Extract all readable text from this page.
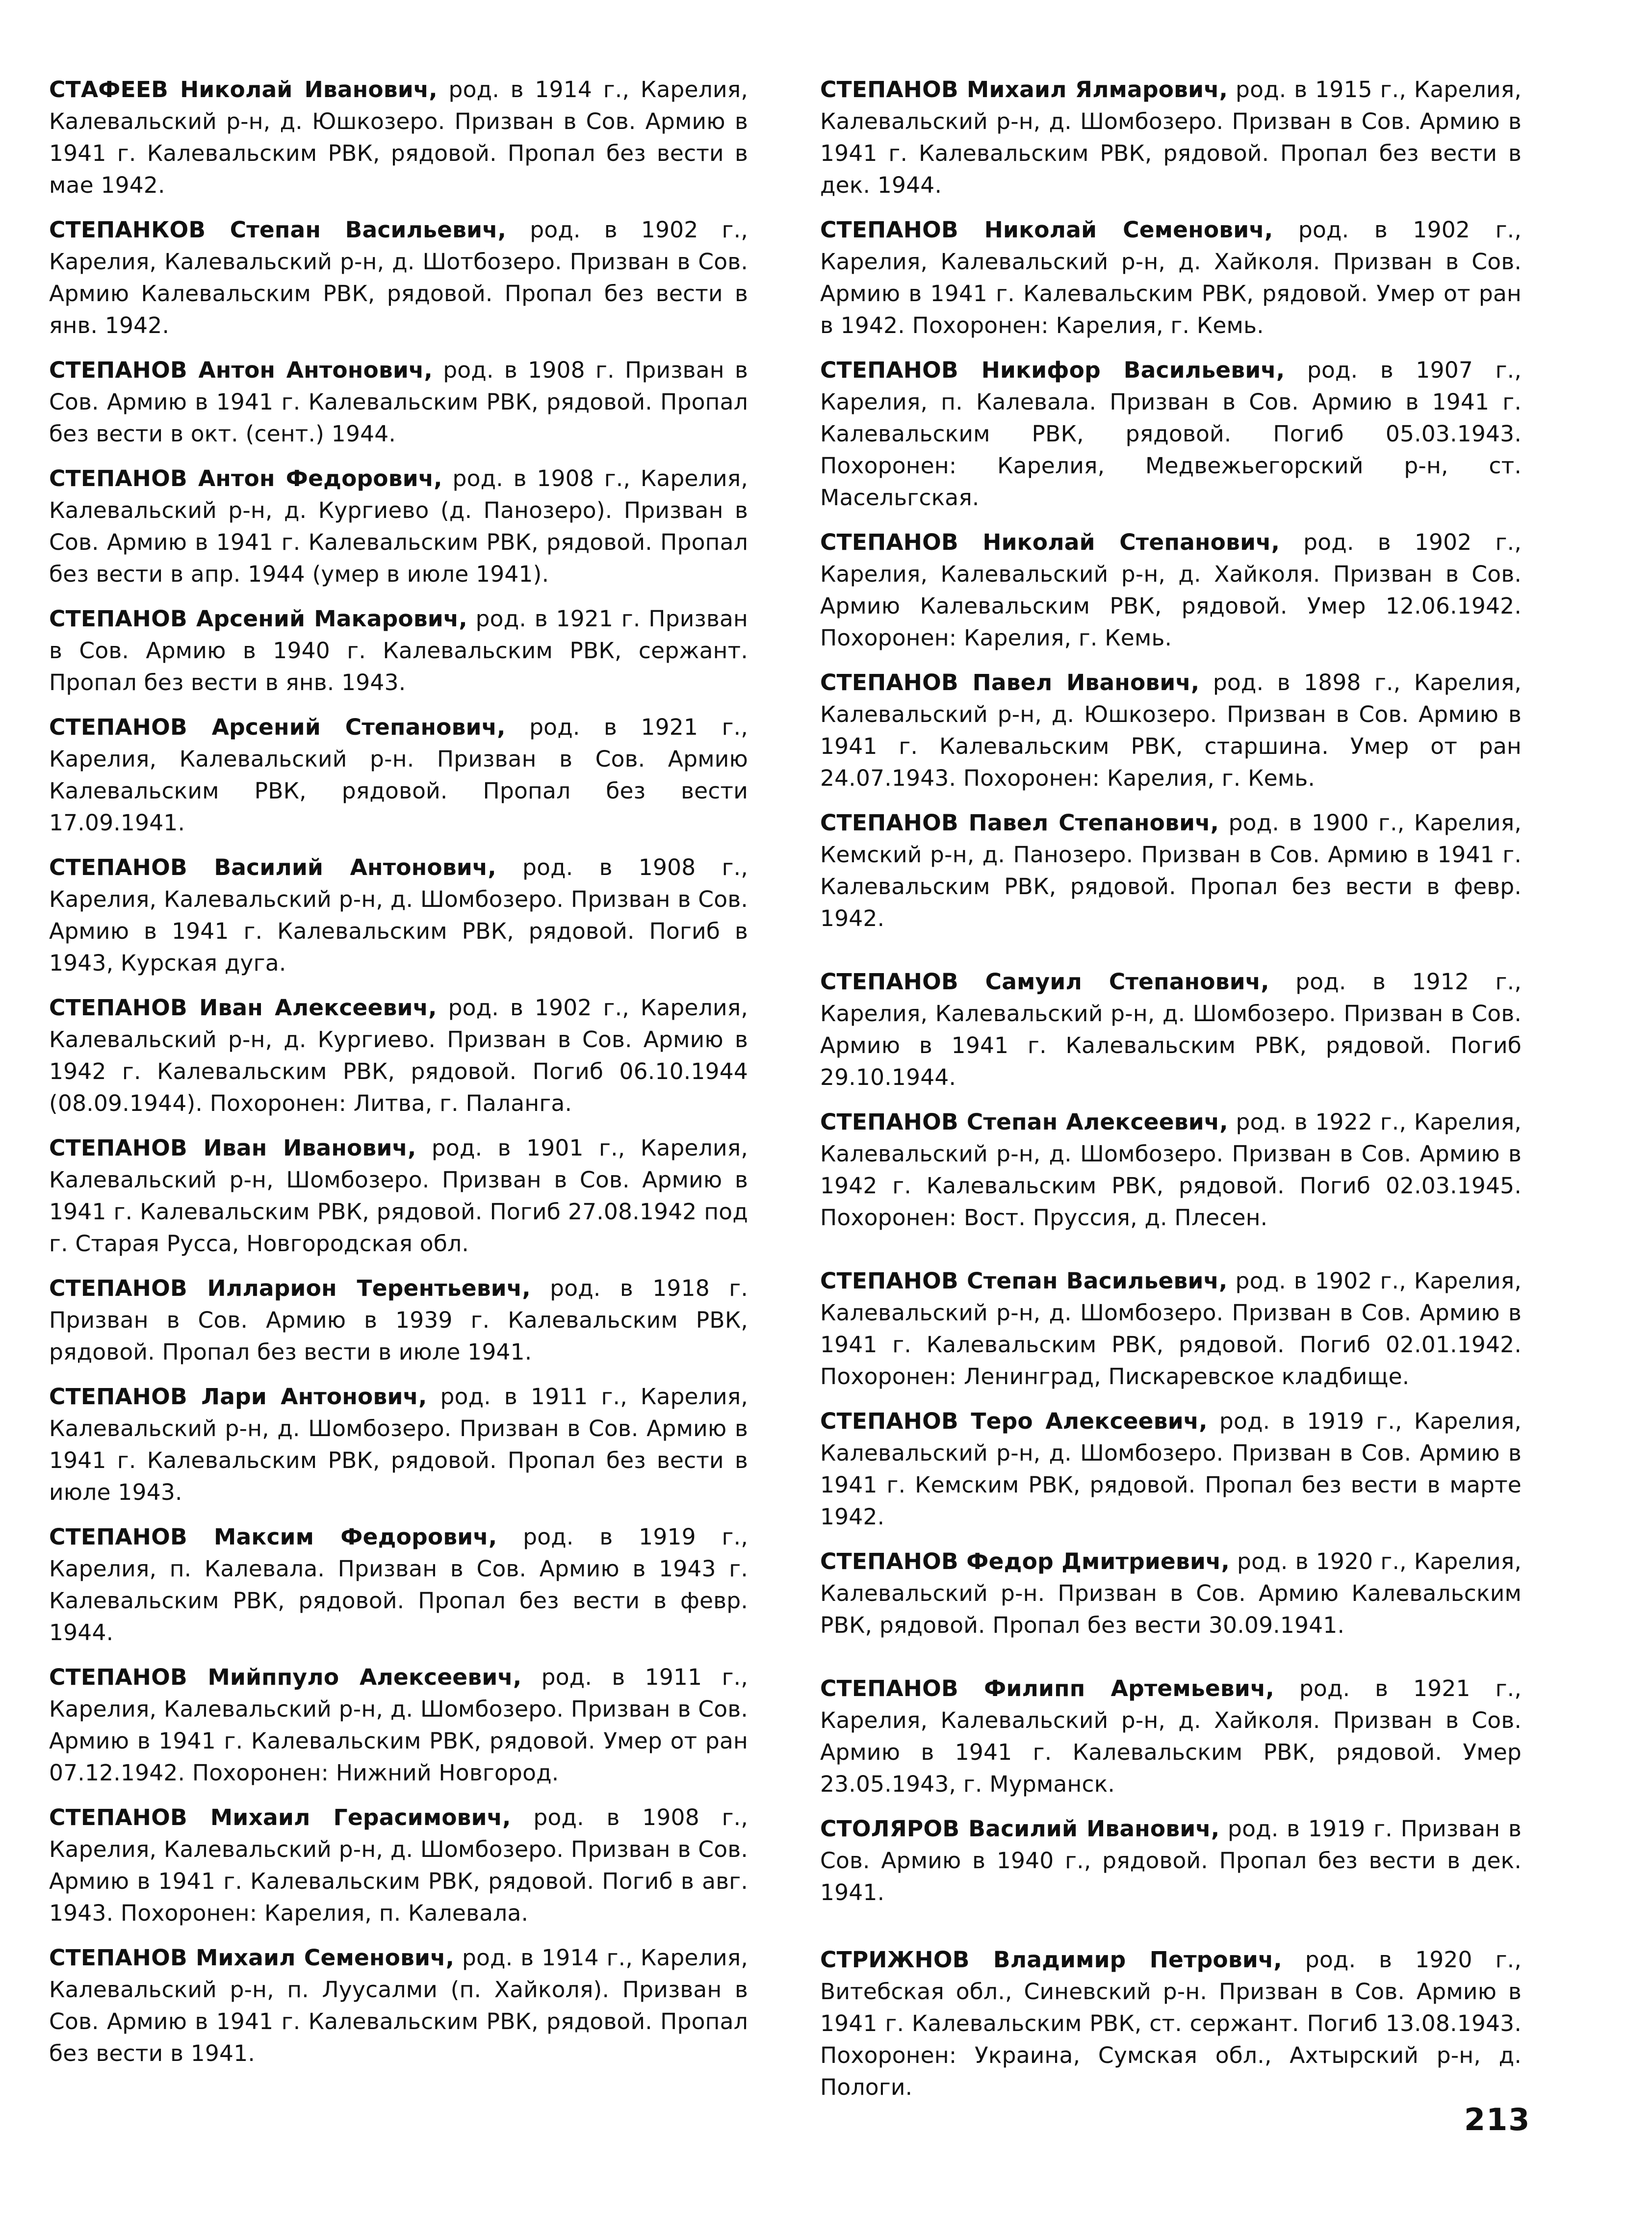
СТАФЕЕВ Николай Иванович, род. в 1914 г., Карелия, Калевальский р-н, д. Юшкозеро. Призван в Сов. Армию в 1941 г. Калевальским РВК, рядовой. Пропал без вести в мае 1942.

СТЕПАНКОВ Степан Васильевич, род. в 1902 г., Карелия, Калевальский р-н, д. Шотбозеро. Призван в Сов. Армию Калевальским РВК, рядовой. Пропал без вести в янв. 1942.

СТЕПАНОВ Антон Антонович, род. в 1908 г. Призван в Сов. Армию в 1941 г. Калевальским РВК, рядовой. Пропал без вести в окт. (сент.) 1944.

СТЕПАНОВ Антон Федорович, род. в 1908 г., Карелия, Калевальский р-н, д. Кургиево (д. Панозеро). Призван в Сов. Армию в 1941 г. Калевальским РВК, рядовой. Пропал без вести в апр. 1944 (умер в июле 1941).

СТЕПАНОВ Арсений Макарович, род. в 1921 г. Призван в Сов. Армию в 1940 г. Калевальским РВК, сержант. Пропал без вести в янв. 1943.

СТЕПАНОВ Арсений Степанович, род. в 1921 г., Карелия, Калевальский р-н. Призван в Сов. Армию Калевальским РВК, рядовой. Пропал без вести 17.09.1941.

СТЕПАНОВ Василий Антонович, род. в 1908 г., Карелия, Калевальский р-н, д. Шомбозеро. Призван в Сов. Армию в 1941 г. Калевальским РВК, рядовой. Погиб в 1943, Курская дуга.

СТЕПАНОВ Иван Алексеевич, род. в 1902 г., Карелия, Калевальский р-н, д. Кургиево. Призван в Сов. Армию в 1942 г. Калевальским РВК, рядовой. Погиб 06.10.1944 (08.09.1944). Похоронен: Литва, г. Паланга.

СТЕПАНОВ Иван Иванович, род. в 1901 г., Карелия, Калевальский р-н, Шомбозеро. Призван в Сов. Армию в 1941 г. Калевальским РВК, рядовой. Погиб 27.08.1942 под г. Старая Русса, Новгородская обл.

СТЕПАНОВ Илларион Терентьевич, род. в 1918 г. Призван в Сов. Армию в 1939 г. Калевальским РВК, рядовой. Пропал без вести в июле 1941.

СТЕПАНОВ Лари Антонович, род. в 1911 г., Карелия, Калевальский р-н, д. Шомбозеро. Призван в Сов. Армию в 1941 г. Калевальским РВК, рядовой. Пропал без вести в июле 1943.

СТЕПАНОВ Максим Федорович, род. в 1919 г., Карелия, п. Калевала. Призван в Сов. Армию в 1943 г. Калевальским РВК, рядовой. Пропал без вести в февр. 1944.

СТЕПАНОВ Мийппуло Алексеевич, род. в 1911 г., Карелия, Калевальский р-н, д. Шомбозеро. Призван в Сов. Армию в 1941 г. Калевальским РВК, рядовой. Умер от ран 07.12.1942. Похоронен: Нижний Новгород.

СТЕПАНОВ Михаил Герасимович, род. в 1908 г., Карелия, Калевальский р-н, д. Шомбозеро. Призван в Сов. Армию в 1941 г. Калевальским РВК, рядовой. Погиб в авг. 1943. Похоронен: Карелия, п. Калевала.

СТЕПАНОВ Михаил Семенович, род. в 1914 г., Карелия, Калевальский р-н, п. Луусалми (п. Хайколя). Призван в Сов. Армию в 1941 г. Калевальским РВК, рядовой. Пропал без вести в 1941.

СТЕПАНОВ Михаил Ялмарович, род. в 1915 г., Карелия, Калевальский р-н, д. Шомбозеро. Призван в Сов. Армию в 1941 г. Калевальским РВК, рядовой. Пропал без вести в дек. 1944.

СТЕПАНОВ Николай Семенович, род. в 1902 г., Карелия, Калевальский р-н, д. Хайколя. Призван в Сов. Армию в 1941 г. Калевальским РВК, рядовой. Умер от ран в 1942. Похоронен: Карелия, г. Кемь.

СТЕПАНОВ Никифор Васильевич, род. в 1907 г., Карелия, п. Калевала. Призван в Сов. Армию в 1941 г. Калевальским РВК, рядовой. Погиб 05.03.1943. Похоронен: Карелия, Медвежьегорский р-н, ст. Масельгская.

СТЕПАНОВ Николай Степанович, род. в 1902 г., Карелия, Калевальский р-н, д. Хайколя. Призван в Сов. Армию Калевальским РВК, рядовой. Умер 12.06.1942. Похоронен: Карелия, г. Кемь.

СТЕПАНОВ Павел Иванович, род. в 1898 г., Карелия, Калевальский р-н, д. Юшкозеро. Призван в Сов. Армию в 1941 г. Калевальским РВК, старшина. Умер от ран 24.07.1943. Похоронен: Карелия, г. Кемь.

СТЕПАНОВ Павел Степанович, род. в 1900 г., Карелия, Кемский р-н, д. Панозеро. Призван в Сов. Армию в 1941 г. Калевальским РВК, рядовой. Пропал без вести в февр. 1942.

СТЕПАНОВ Самуил Степанович, род. в 1912 г., Карелия, Калевальский р-н, д. Шомбозеро. Призван в Сов. Армию в 1941 г. Калевальским РВК, рядовой. Погиб 29.10.1944.

СТЕПАНОВ Степан Алексеевич, род. в 1922 г., Карелия, Калевальский р-н, д. Шомбозеро. Призван в Сов. Армию в 1942 г. Калевальским РВК, рядовой. Погиб 02.03.1945. Похоронен: Вост. Пруссия, д. Плесен.

СТЕПАНОВ Степан Васильевич, род. в 1902 г., Карелия, Калевальский р-н, д. Шомбозеро. Призван в Сов. Армию в 1941 г. Калевальским РВК, рядовой. Погиб 02.01.1942. Похоронен: Ленинград, Пискаревское кладбище.

СТЕПАНОВ Теро Алексеевич, род. в 1919 г., Карелия, Калевальский р-н, д. Шомбозеро. Призван в Сов. Армию в 1941 г. Кемским РВК, рядовой. Пропал без вести в марте 1942.

СТЕПАНОВ Федор Дмитриевич, род. в 1920 г., Карелия, Калевальский р-н. Призван в Сов. Армию Калевальским РВК, рядовой. Пропал без вести 30.09.1941.

СТЕПАНОВ Филипп Артемьевич, род. в 1921 г., Карелия, Калевальский р-н, д. Хайколя. Призван в Сов. Армию в 1941 г. Калевальским РВК, рядовой. Умер 23.05.1943, г. Мурманск.

СТОЛЯРОВ Василий Иванович, род. в 1919 г. Призван в Сов. Армию в 1940 г., рядовой. Пропал без вести в дек. 1941.

СТРИЖНОВ Владимир Петрович, род. в 1920 г., Витебская обл., Синевский р-н. Призван в Сов. Армию в 1941 г. Калевальским РВК, ст. сержант. Погиб 13.08.1943. Похоронен: Украина, Сумская обл., Ахтырский р-н, д. Пологи.

213
